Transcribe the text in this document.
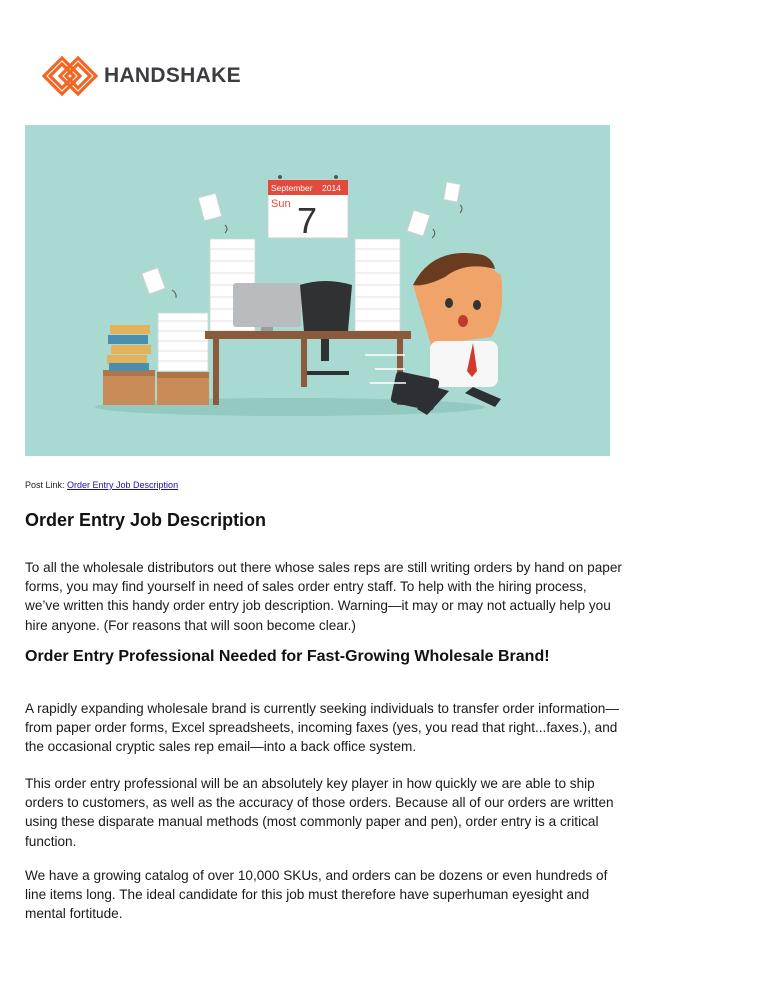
HANDSHAKE
September 2014
Sun 7
Post Link: Order Entry Job Description
Order Entry Job Description

To all the wholesale distributors out there whose sales reps are still writing orders by hand on paper forms, you may find yourself in need of sales order entry staff. To help with the hiring process, we’ve written this handy order entry job description. Warning—it may or may not actually help you hire anyone. (For reasons that will soon become clear.)

Order Entry Professional Needed for Fast-Growing Wholesale Brand!

A rapidly expanding wholesale brand is currently seeking individuals to transfer order information—from paper order forms, Excel spreadsheets, incoming faxes (yes, you read that right...faxes.), and the occasional cryptic sales rep email—into a back office system.

This order entry professional will be an absolutely key player in how quickly we are able to ship orders to customers, as well as the accuracy of those orders. Because all of our orders are written using these disparate manual methods (most commonly paper and pen), order entry is a critical function.

We have a growing catalog of over 10,000 SKUs, and orders can be dozens or even hundreds of line items long. The ideal candidate for this job must therefore have superhuman eyesight and mental fortitude.
